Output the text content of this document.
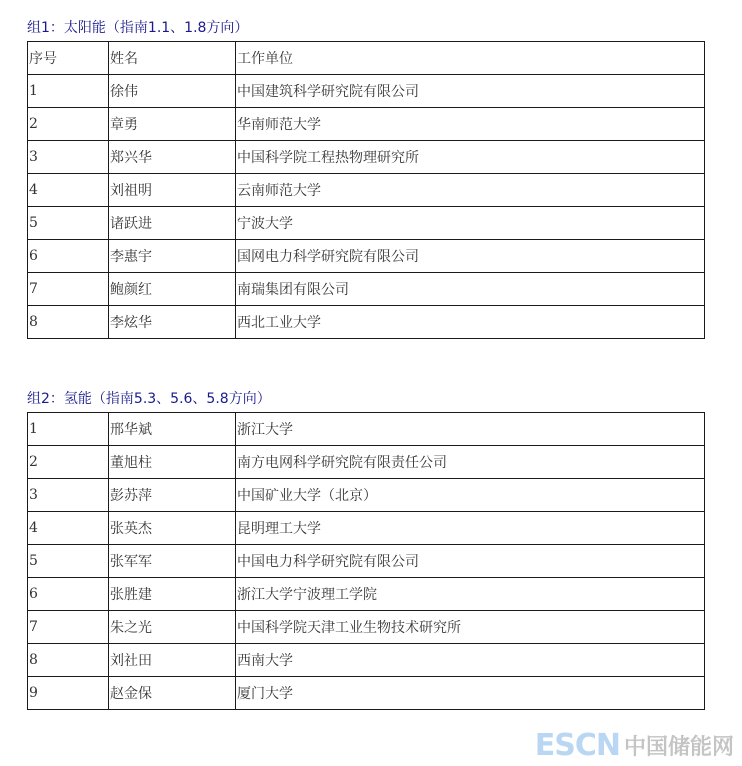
组1：太阳能（指南1.1、1.8方向）
序号	姓名	工作单位
1	徐伟	中国建筑科学研究院有限公司
2	章勇	华南师范大学
3	郑兴华	中国科学院工程热物理研究所
4	刘祖明	云南师范大学
5	诸跃进	宁波大学
6	李惠宇	国网电力科学研究院有限公司
7	鲍颜红	南瑞集团有限公司
8	李炫华	西北工业大学
组2：氢能（指南5.3、5.6、5.8方向）
1	邢华斌	浙江大学
2	董旭柱	南方电网科学研究院有限责任公司
3	彭苏萍	中国矿业大学（北京）
4	张英杰	昆明理工大学
5	张军军	中国电力科学研究院有限公司
6	张胜建	浙江大学宁波理工学院
7	朱之光	中国科学院天津工业生物技术研究所
8	刘社田	西南大学
9	赵金保	厦门大学
ESCN 中国储能网
